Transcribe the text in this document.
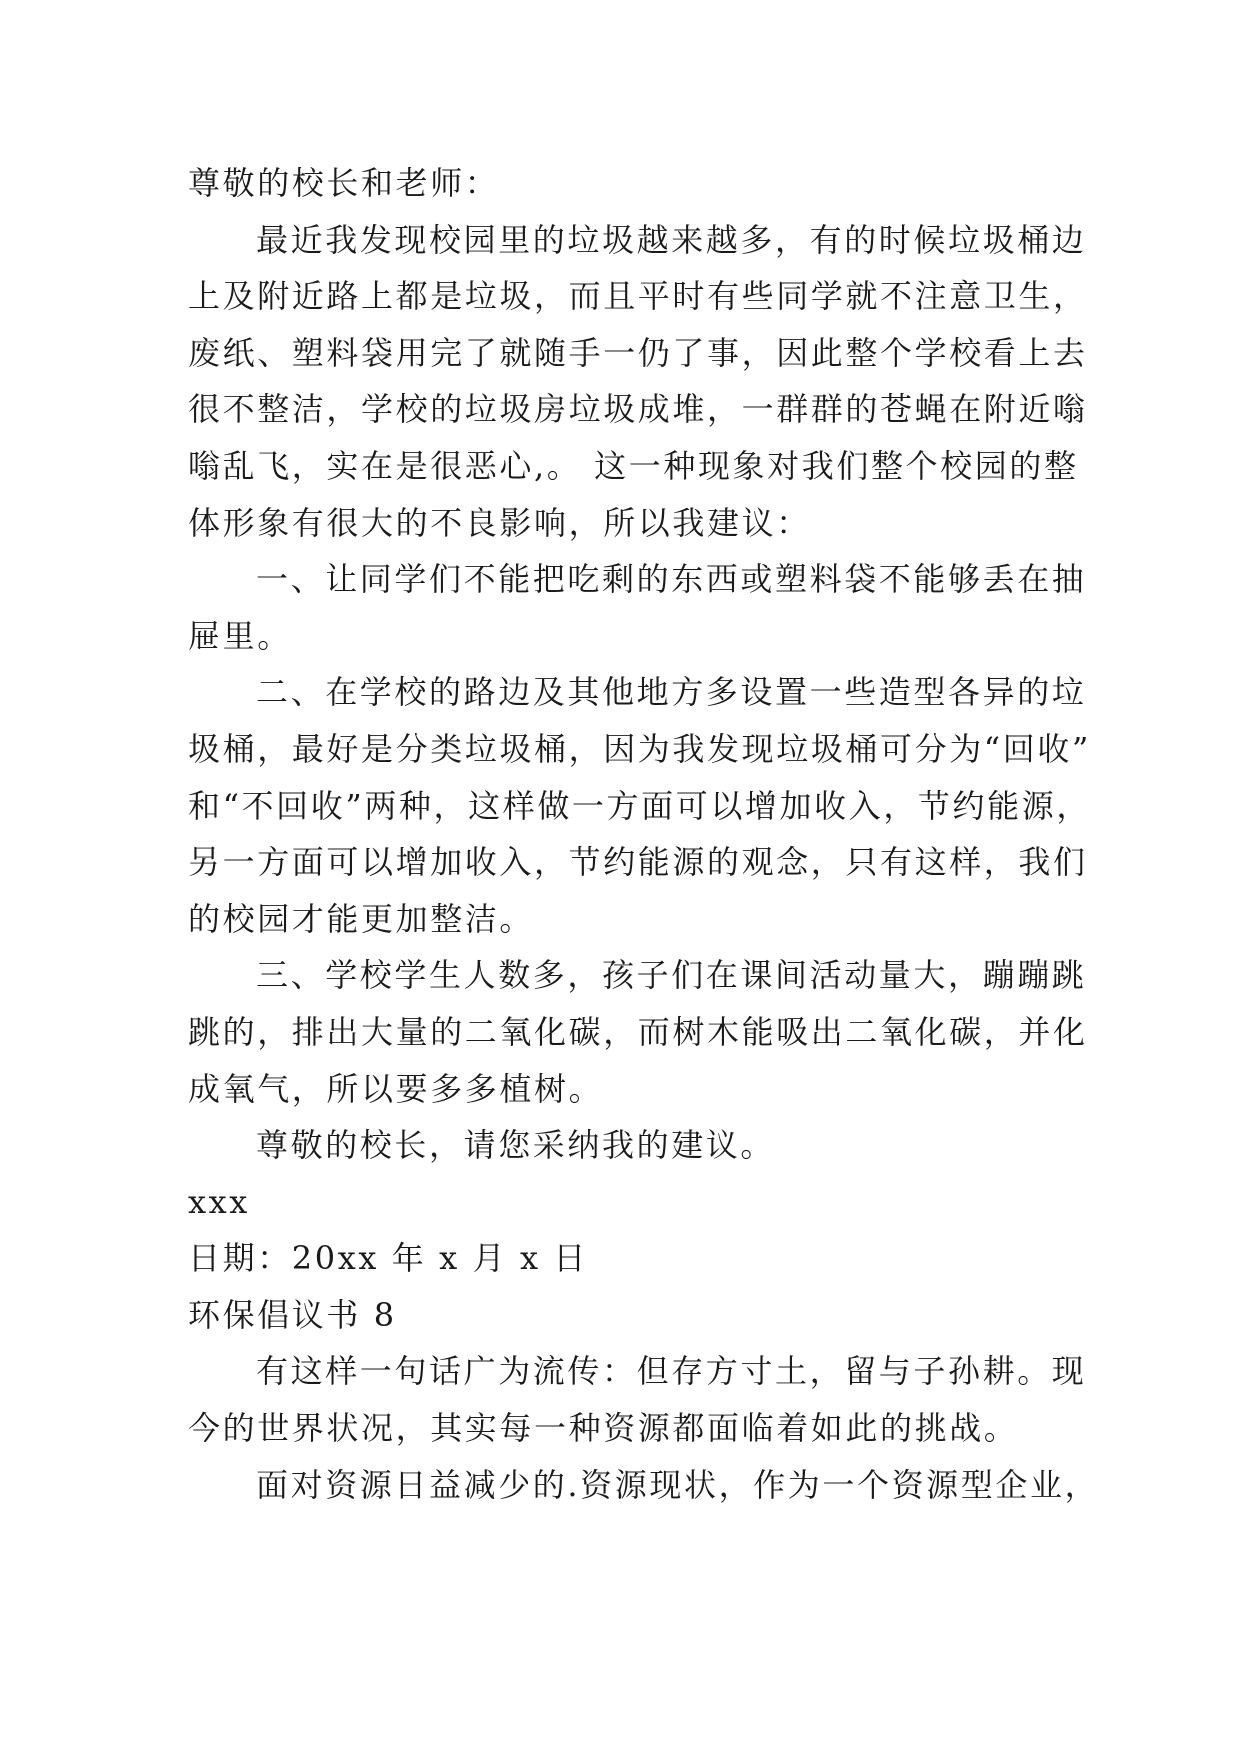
尊敬的校长和老师：
最近我发现校园里的垃圾越来越多，有的时候垃圾桶边
上及附近路上都是垃圾，而且平时有些同学就不注意卫生，
废纸、塑料袋用完了就随手一仍了事，因此整个学校看上去
很不整洁，学校的垃圾房垃圾成堆，一群群的苍蝇在附近嗡
嗡乱飞，实在是很恶心,。 这一种现象对我们整个校园的整
体形象有很大的不良影响，所以我建议：
一、让同学们不能把吃剩的东西或塑料袋不能够丢在抽
屉里。
二、在学校的路边及其他地方多设置一些造型各异的垃
圾桶，最好是分类垃圾桶，因为我发现垃圾桶可分为“回收”
和“不回收”两种，这样做一方面可以增加收入，节约能源，
另一方面可以增加收入，节约能源的观念，只有这样，我们
的校园才能更加整洁。
三、学校学生人数多，孩子们在课间活动量大，蹦蹦跳
跳的，排出大量的二氧化碳，而树木能吸出二氧化碳，并化
成氧气，所以要多多植树。
尊敬的校长，请您采纳我的建议。
xxx
日期：20xx 年 x 月 x 日
环保倡议书 8
有这样一句话广为流传：但存方寸土，留与子孙耕。现
今的世界状况，其实每一种资源都面临着如此的挑战。
面对资源日益减少的.资源现状，作为一个资源型企业，
